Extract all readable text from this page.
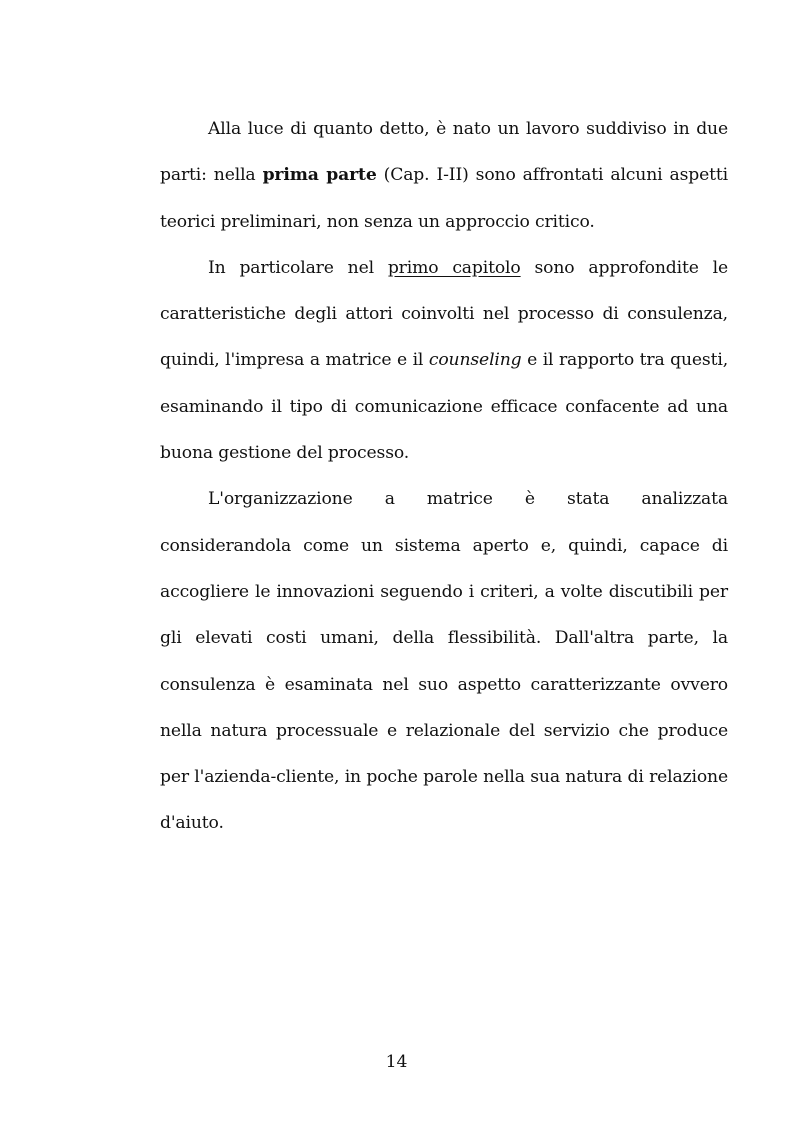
Alla luce di quanto detto, è nato un lavoro suddiviso in due parti: nella prima parte (Cap. I-II) sono affrontati alcuni aspetti teorici preliminari, non senza un approccio critico.

In particolare nel primo capitolo sono approfondite le caratteristiche degli attori coinvolti nel processo di consulenza, quindi, l'impresa a matrice e il counseling e il rapporto tra questi, esaminando il tipo di comunicazione efficace confacente ad una buona gestione del processo.

L'organizzazione a matrice è stata analizzata considerandola come un sistema aperto e, quindi, capace di accogliere le innovazioni seguendo i criteri, a volte discutibili per gli elevati costi umani, della flessibilità. Dall'altra parte, la consulenza è esaminata nel suo aspetto caratterizzante ovvero nella natura processuale e relazionale del servizio che produce per l'azienda-cliente, in poche parole nella sua natura di relazione d'aiuto.

14
